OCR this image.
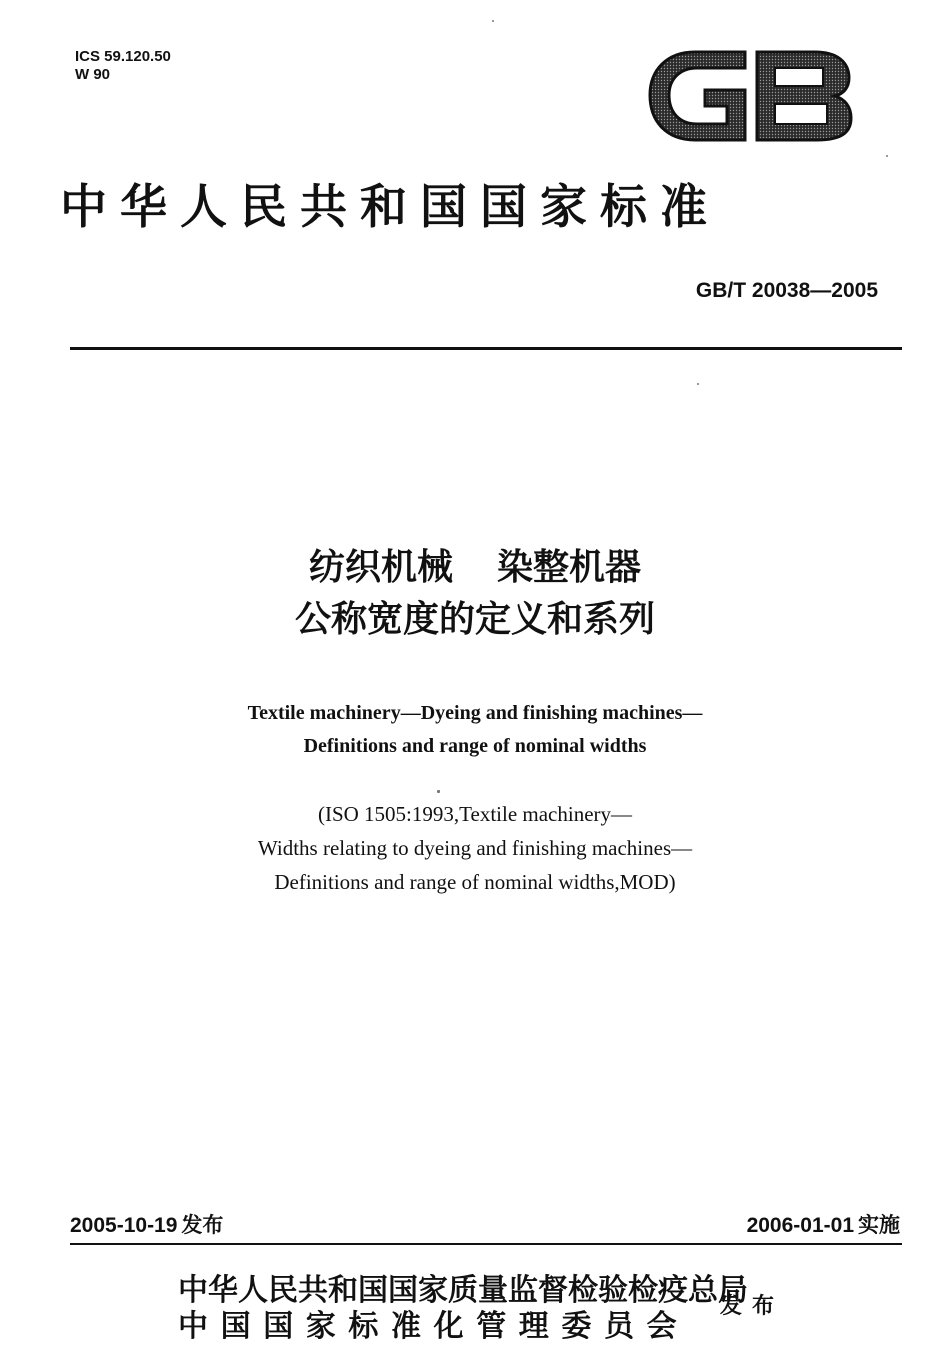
ICS 59.120.50
W 90
中华人民共和国国家标准
GB/T 20038—2005
纺织机械 染整机器
公称宽度的定义和系列
Textile machinery—Dyeing and finishing machines—
Definitions and range of nominal widths
(ISO 1505:1993,Textile machinery—
Widths relating to dyeing and finishing machines—
Definitions and range of nominal widths,MOD)
2005-10-19 发布	2006-01-01 实施
中华人民共和国国家质量监督检验检疫总局
中国国家标准化管理委员会
发布
